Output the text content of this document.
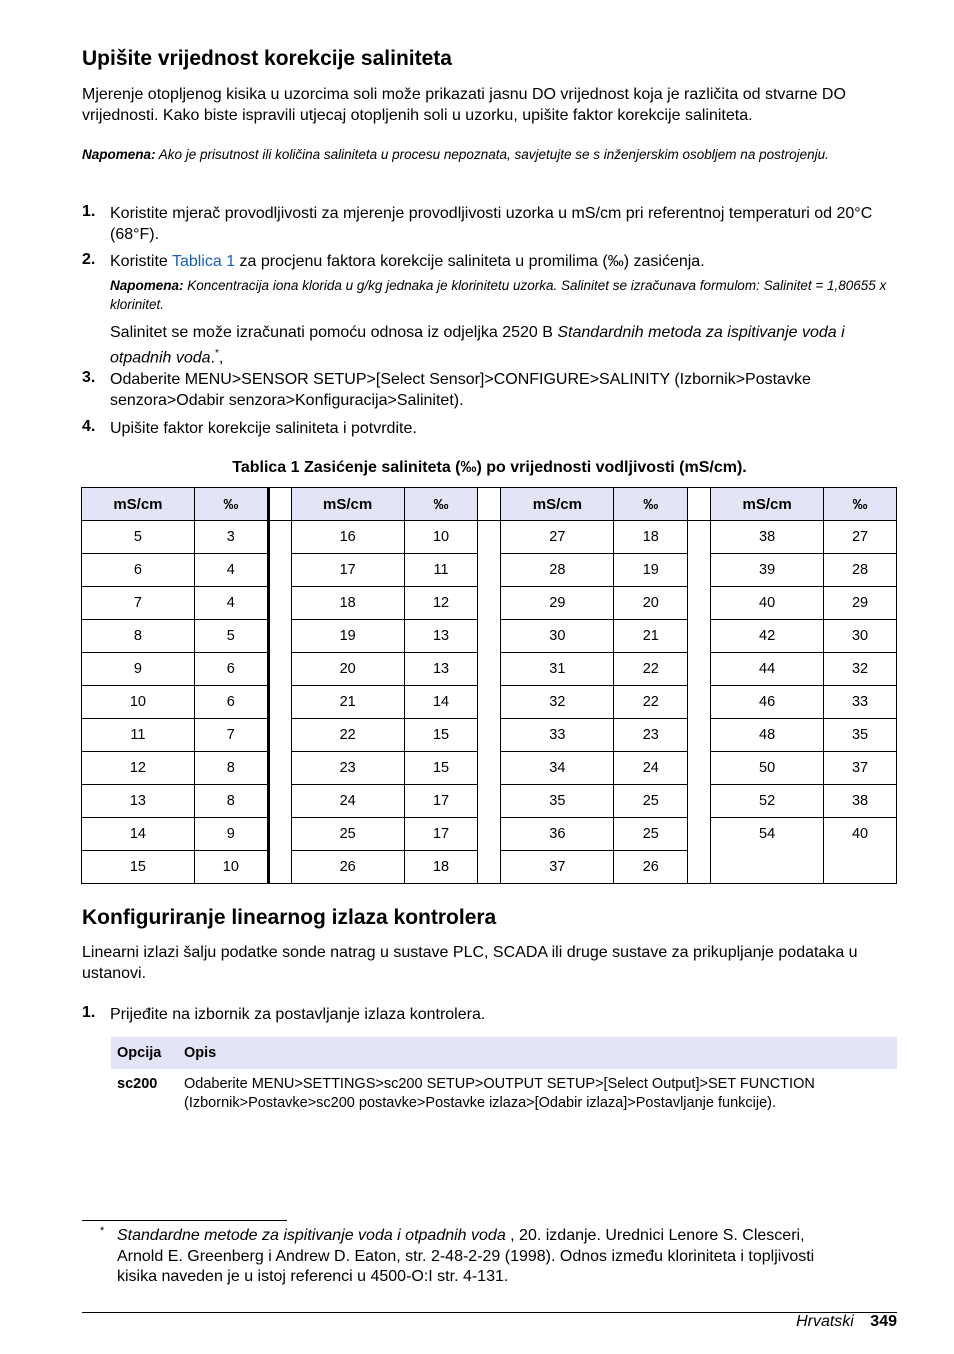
Upišite vrijednost korekcije saliniteta

Mjerenje otopljenog kisika u uzorcima soli može prikazati jasnu DO vrijednost koja je različita od stvarne DO vrijednosti. Kako biste ispravili utjecaj otopljenih soli u uzorku, upišite faktor korekcije saliniteta.

Napomena: Ako je prisutnost ili količina saliniteta u procesu nepoznata, savjetujte se s inženjerskim osobljem na postrojenju.

1. Koristite mjerač provodljivosti za mjerenje provodljivosti uzorka u mS/cm pri referentnoj temperaturi od 20°C (68°F).

2. Koristite Tablica 1 za procjenu faktora korekcije saliniteta u promilima (‰) zasićenja.

Napomena: Koncentracija iona klorida u g/kg jednaka je klorinitetu uzorka. Salinitet se izračunava formulom: Salinitet = 1,80655 x klorinitet.

Salinitet se može izračunati pomoću odnosa iz odjeljka 2520 B Standardnih metoda za ispitivanje voda i otpadnih voda.*,

3. Odaberite MENU>SENSOR SETUP>[Select Sensor]>CONFIGURE>SALINITY (Izbornik>Postavke senzora>Odabir senzora>Konfiguracija>Salinitet).

4. Upišite faktor korekcije saliniteta i potvrdite.

Tablica 1 Zasićenje saliniteta (‰) po vrijednosti vodljivosti (mS/cm).

mS/cm	‰		mS/cm	‰		mS/cm	‰		mS/cm	‰
5	3		16	10		27	18		38	27
6	4		17	11		28	19		39	28
7	4		18	12		29	20		40	29
8	5		19	13		30	21		42	30
9	6		20	13		31	22		44	32
10	6		21	14		32	22		46	33
11	7		22	15		33	23		48	35
12	8		23	15		34	24		50	37
13	8		24	17		35	25		52	38
14	9		25	17		36	25		54	40
15	10		26	18		37	26			
Konfiguriranje linearnog izlaza kontrolera

Linearni izlazi šalju podatke sonde natrag u sustave PLC, SCADA ili druge sustave za prikupljanje podataka u ustanovi.

1. Prijeđite na izbornik za postavljanje izlaza kontrolera.

Opcija	Opis
sc200	Odaberite MENU>SETTINGS>sc200 SETUP>OUTPUT SETUP>[Select Output]>SET FUNCTION (Izbornik>Postavke>sc200 postavke>Postavke izlaza>[Odabir izlaza]>Postavljanje funkcije).
* Standardne metode za ispitivanje voda i otpadnih voda , 20. izdanje. Urednici Lenore S. Clesceri, Arnold E. Greenberg i Andrew D. Eaton, str. 2-48-2-29 (1998). Odnos između kloriniteta i topljivosti kisika naveden je u istoj referenci u 4500-O:I str. 4-131.

Hrvatski 349
